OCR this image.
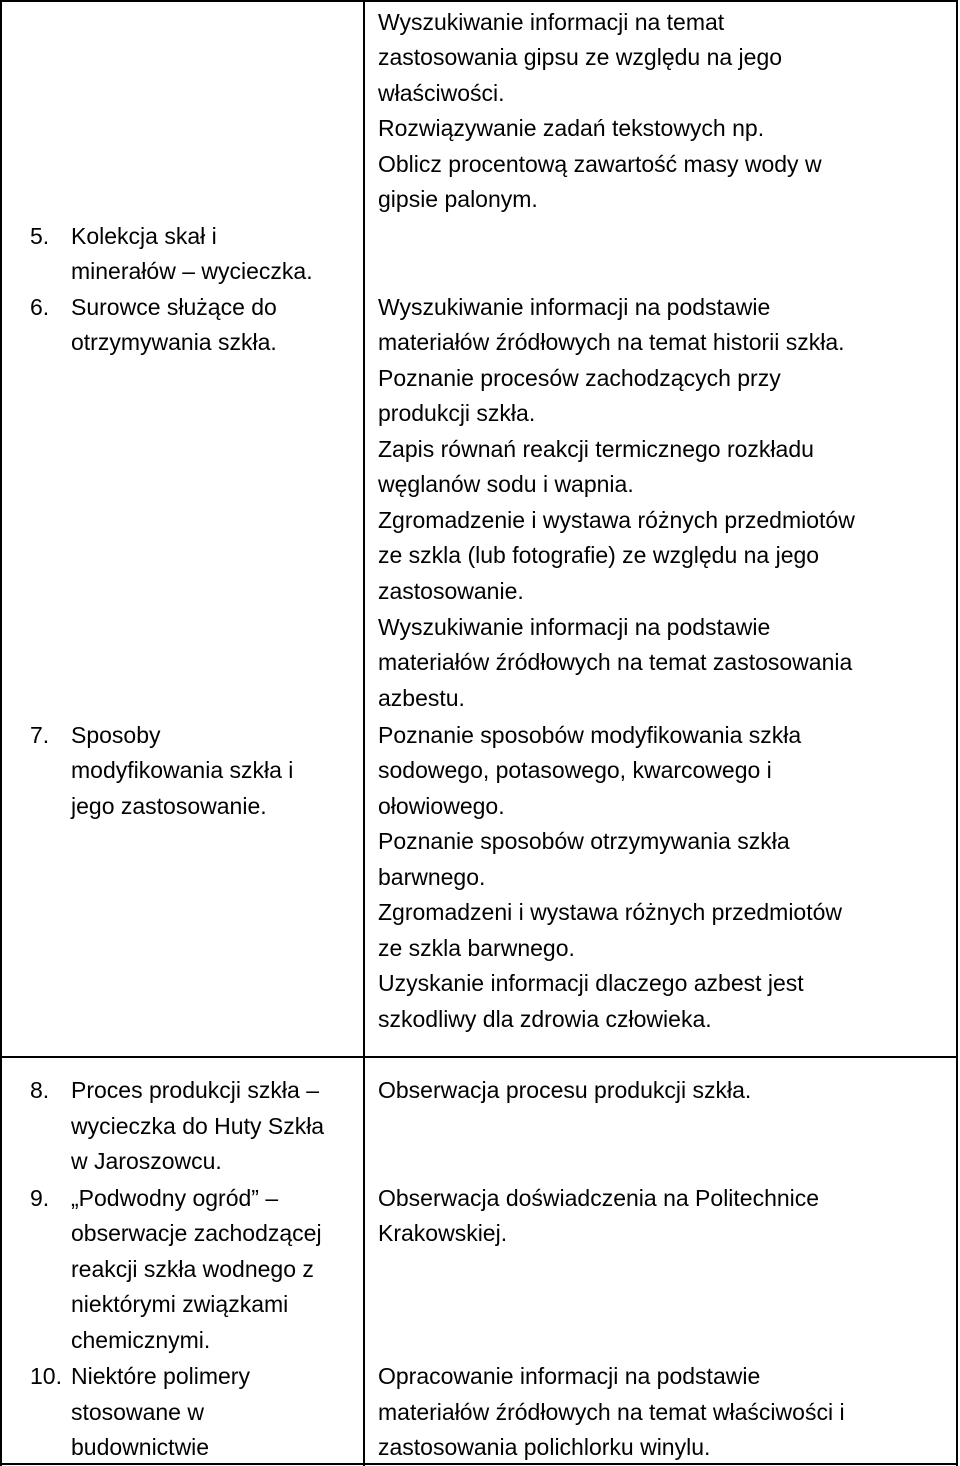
5. Kolekcja skał i
minerałów – wycieczka.
6. Surowce służące do
otrzymywania szkła.
7. Sposoby
modyfikowania szkła i
jego zastosowanie.
8. Proces produkcji szkła –
wycieczka do Huty Szkła
w Jaroszowcu.
9. „Podwodny ogród” –
obserwacje zachodzącej
reakcji szkła wodnego z
niektórymi związkami
chemicznymi.
10. Niektóre polimery
stosowane w
budownictwie
Wyszukiwanie informacji na temat
zastosowania gipsu ze względu na jego
właściwości.
Rozwiązywanie zadań tekstowych np.
Oblicz procentową zawartość masy wody w
gipsie palonym.
Wyszukiwanie informacji na podstawie
materiałów źródłowych na temat historii szkła.
Poznanie procesów zachodzących przy
produkcji szkła.
Zapis równań reakcji termicznego rozkładu
węglanów sodu i wapnia.
Zgromadzenie i wystawa różnych przedmiotów
ze szkla (lub fotografie) ze względu na jego
zastosowanie.
Wyszukiwanie informacji na podstawie
materiałów źródłowych na temat zastosowania
azbestu.
Poznanie sposobów modyfikowania szkła
sodowego, potasowego, kwarcowego i
ołowiowego.
Poznanie sposobów otrzymywania szkła
barwnego.
Zgromadzeni i wystawa różnych przedmiotów
ze szkla barwnego.
Uzyskanie informacji dlaczego azbest jest
szkodliwy dla zdrowia człowieka.
Obserwacja procesu produkcji szkła.
Obserwacja doświadczenia na Politechnice
Krakowskiej.
Opracowanie informacji na podstawie
materiałów źródłowych na temat właściwości i
zastosowania polichlorku winylu.
